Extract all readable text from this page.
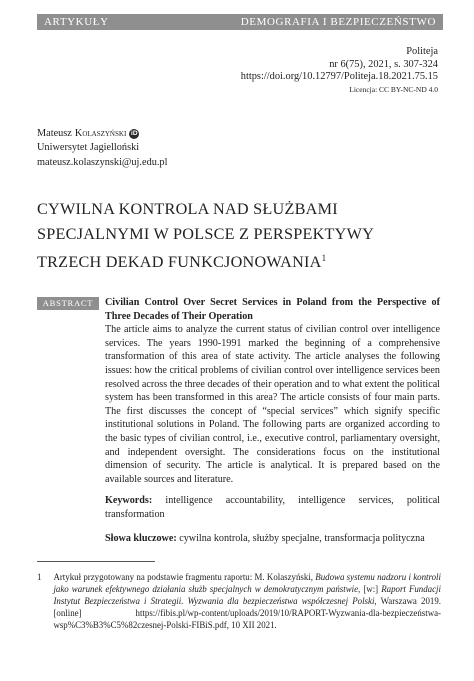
ARTYKUŁY	DEMOGRAFIA I BEZPIECZEŃSTWO
Politeja
nr 6(75), 2021, s. 307-324
https://doi.org/10.12797/Politeja.18.2021.75.15
Licencja: CC BY-NC-ND 4.0
Mateusz Kolaszyński iD
Uniwersytet Jagielloński
mateusz.kolaszynski@uj.edu.pl
CYWILNA KONTROLA NAD SŁUŻBAMI
SPECJALNYMI W POLSCE Z PERSPEKTYWY
TRZECH DEKAD FUNKCJONOWANIA$^1$
ABSTRACT	Civilian Control Over Secret Services in Poland from the Perspective of Three Decades of Their Operation

The article aims to analyze the current status of civilian control over intelligence services. The years 1990-1991 marked the beginning of a comprehensive transformation of this area of state activity. The article analyses the following issues: how the critical problems of civilian control over intelligence services been resolved across the three decades of their operation and to what extent the political system has been transformed in this area? The article consists of four main parts. The first discusses the concept of “special services” which signify specific institutional solutions in Poland. The following parts are organized according to the basic types of civilian control, i.e., executive control, parliamentary oversight, and independent oversight. The considerations focus on the institutional dimension of security. The article is analytical. It is prepared based on the available sources and literature.

Keywords: intelligence accountability, intelligence services, political transformation

Słowa kluczowe: cywilna kontrola, służby specjalne, transformacja polityczna

1 Artykuł przygotowany na podstawie fragmentu raportu: M. Kolaszyński, Budowa systemu nadzoru i kontroli jako warunek efektywnego działania służb specjalnych w demokratycznym państwie, [w:] Raport Fundacji Instytut Bezpieczeństwa i Strategii. Wyzwania dla bezpieczeństwa współczesnej Polski, Warszawa 2019. [online] https://fibis.pl/wp-content/uploads/2019/10/RAPORT-Wyzwania-dla-bezpieczeństwa-wsp%C3%B3%C5%82czesnej-Polski-FIBiS.pdf, 10 XII 2021.
